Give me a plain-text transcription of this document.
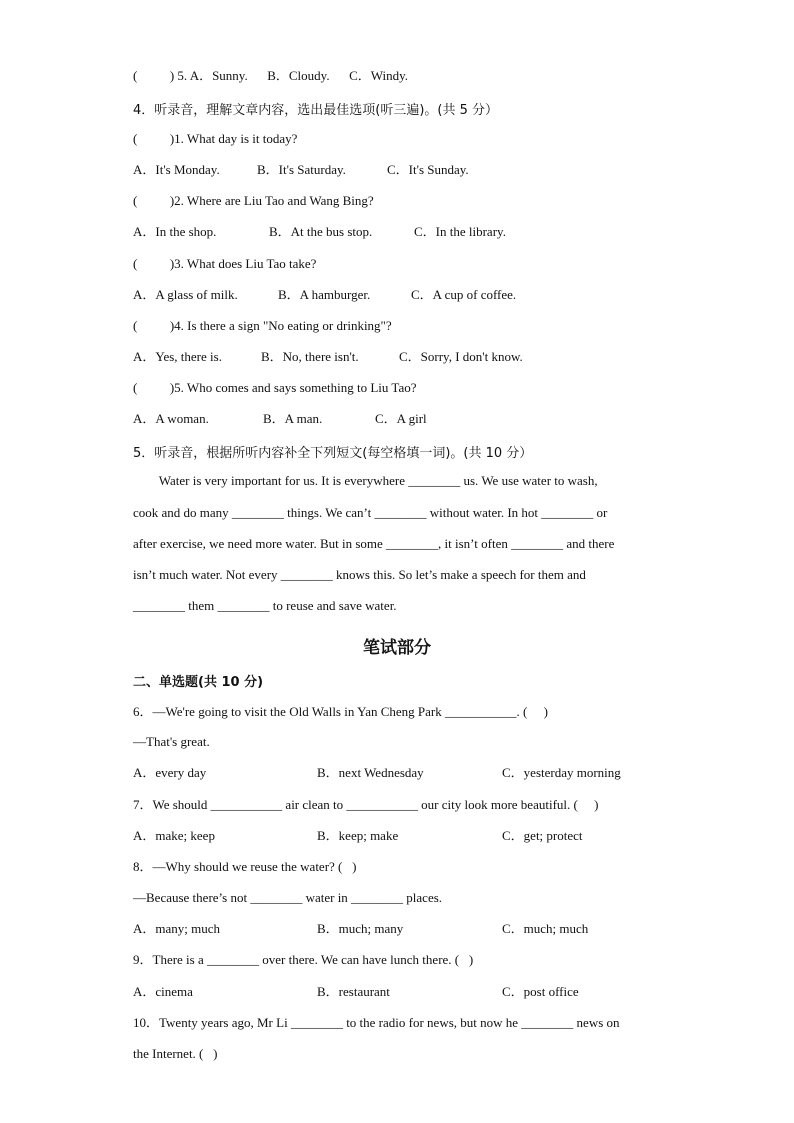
(          ) 5. A．Sunny.      B．Cloudy.      C．Windy.
4．听录音，理解文章内容，选出最佳选项(听三遍)。(共 5 分）
(          )1. What day is it today?
A．It's Monday.	B．It's Saturday.	C．It's Sunday.
(          )2. Where are Liu Tao and Wang Bing?
A．In the shop.	B．At the bus stop.	C．In the library.
(          )3. What does Liu Tao take?
A．A glass of milk.	B．A hamburger.	C．A cup of coffee.
(          )4. Is there a sign "No eating or drinking"?
A．Yes, there is.	B．No, there isn't.	C．Sorry, I don't know.
(          )5. Who comes and says something to Liu Tao?
A．A woman.	B．A man.	C．A girl
5．听录音，根据所听内容补全下列短文(每空格填一词)。(共 10 分）
Water is very important for us. It is everywhere ________ us. We use water to wash,
cook and do many ________ things. We can’t ________ without water. In hot ________ or
after exercise, we need more water. But in some ________, it isn’t often ________ and there
isn’t much water. Not every ________ knows this. So let’s make a speech for them and
________ them ________ to reuse and save water.
笔试部分
二、单选题(共 10 分)
6．—We're going to visit the Old Walls in Yan Cheng Park ___________. (     )
—That's great.
A．every day	B．next Wednesday	C．yesterday morning
7．We should ___________ air clean to ___________ our city look more beautiful. (     )
A．make; keep	B．keep; make	C．get; protect
8．—Why should we reuse the water? (   )
—Because there’s not ________ water in ________ places.
A．many; much	B．much; many	C．much; much
9．There is a ________ over there. We can have lunch there. (   )
A．cinema	B．restaurant	C．post office
10．Twenty years ago, Mr Li ________ to the radio for news, but now he ________ news on
the Internet. (   )
